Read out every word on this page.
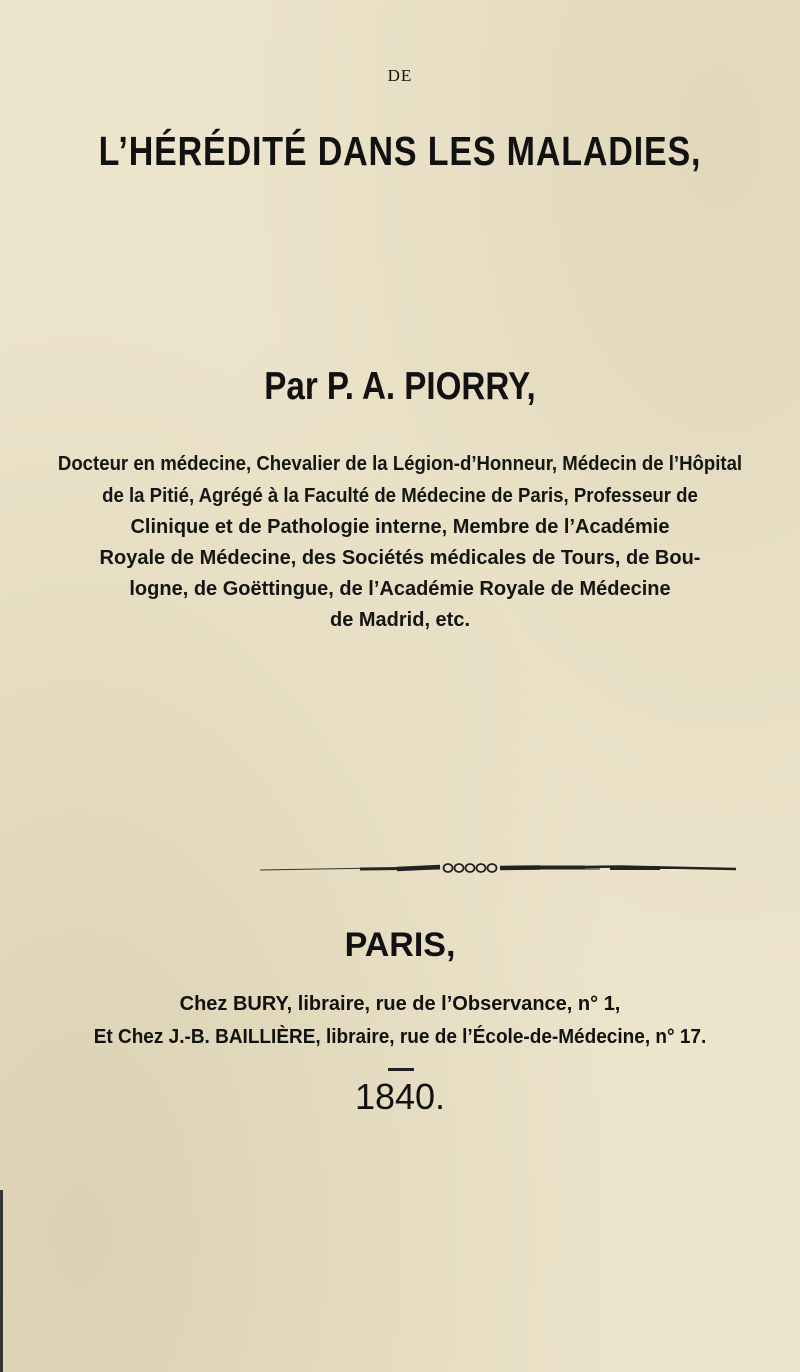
DE
L’HÉRÉDITÉ DANS LES MALADIES,
Par P. A. PIORRY,
Docteur en médecine, Chevalier de la Légion-d’Honneur, Médecin de l’Hôpital
de la Pitié, Agrégé à la Faculté de Médecine de Paris, Professeur de
Clinique et de Pathologie interne, Membre de l’Académie
Royale de Médecine, des Sociétés médicales de Tours, de Bou-
logne, de Goëttingue, de l’Académie Royale de Médecine
de Madrid, etc.
PARIS,
Chez BURY, libraire, rue de l’Observance, n° 1,
Et Chez J.-B. BAILLIÈRE, libraire, rue de l’École-de-Médecine, n° 17.
1840.
